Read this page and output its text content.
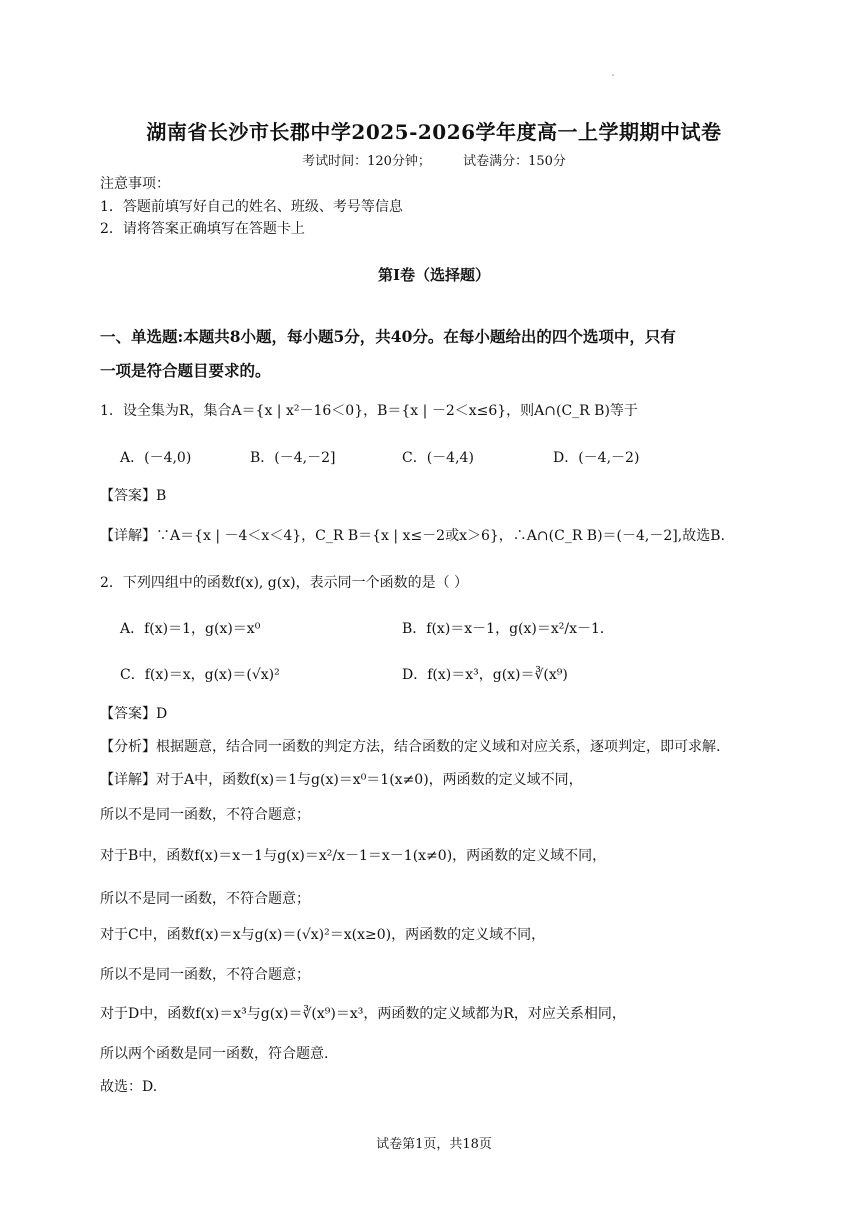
湖南省长沙市长郡中学2025-2026学年度高一上学期期中试卷
考试时间：120分钟； 试卷满分：150分
注意事项：
1．答题前填写好自己的姓名、班级、考号等信息
2．请将答案正确填写在答题卡上
第I卷（选择题）
一、单选题:本题共8小题，每小题5分，共40分。在每小题给出的四个选项中，只有
一项是符合题目要求的。
1．设全集为R，集合A＝{x | x²－16＜0}，B＝{x | －2＜x≤6}，则A∩(C_R B)等于
A．(－4,0)	B．(－4,－2]	C．(－4,4)	D．(－4,－2)
【答案】B
【详解】∵A＝{x | －4＜x＜4}，C_R B＝{x | x≤－2或x＞6}，∴A∩(C_R B)＝(－4,－2],故选B.
2．下列四组中的函数f(x), g(x)，表示同一个函数的是（ ）
A．f(x)＝1，g(x)＝x⁰	B．f(x)＝x－1，g(x)＝x²/x－1．
C．f(x)＝x，g(x)＝(√x)²	D．f(x)＝x³，g(x)＝∛(x⁹)
【答案】D
【分析】根据题意，结合同一函数的判定方法，结合函数的定义域和对应关系，逐项判定，即可求解.
【详解】对于A中，函数f(x)＝1与g(x)＝x⁰＝1(x≠0)，两函数的定义域不同，
所以不是同一函数，不符合题意；
对于B中，函数f(x)＝x－1与g(x)＝x²/x－1＝x－1(x≠0)，两函数的定义域不同，
所以不是同一函数，不符合题意；
对于C中，函数f(x)＝x与g(x)＝(√x)²＝x(x≥0)，两函数的定义域不同，
所以不是同一函数，不符合题意；
对于D中，函数f(x)＝x³与g(x)＝∛(x⁹)＝x³，两函数的定义域都为R，对应关系相同，
所以两个函数是同一函数，符合题意.
故选：D.
试卷第1页，共18页
